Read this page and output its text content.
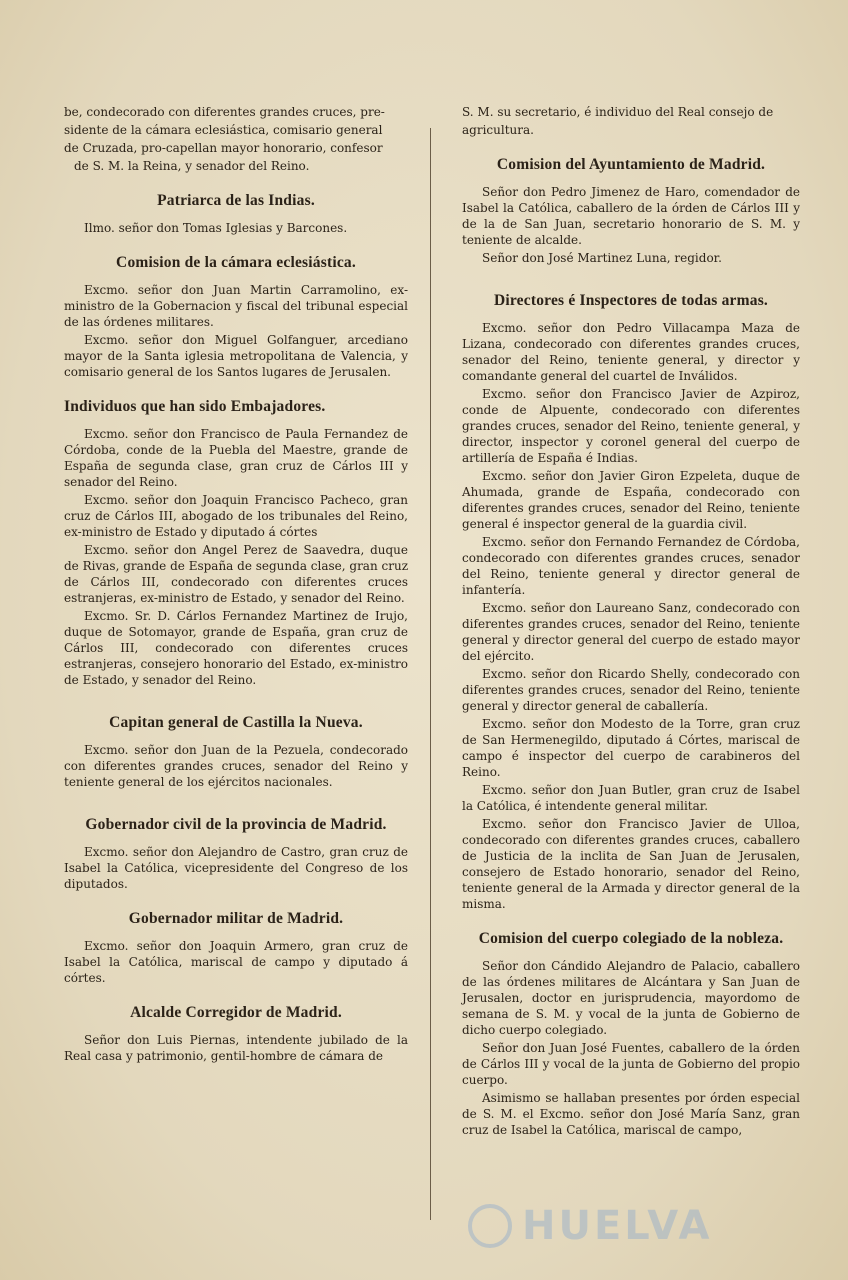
be, condecorado con diferentes grandes cruces, pre-

sidente de la cámara eclesiástica, comisario general

de Cruzada, pro-capellan mayor honorario, confesor

de S. M. la Reina, y senador del Reino.

Patriarca de las Indias.

Ilmo. señor don Tomas Iglesias y Barcones.

Comision de la cámara eclesiástica.

Excmo. señor don Juan Martin Carramolino, ex-ministro de la Gobernacion y fiscal del tribunal especial de las órdenes militares.

Excmo. señor don Miguel Golfanguer, arcediano mayor de la Santa iglesia metropolitana de Valencia, y comisario general de los Santos lugares de Jerusalen.

Individuos que han sido Embajadores.

Excmo. señor don Francisco de Paula Fernandez de Córdoba, conde de la Puebla del Maestre, grande de España de segunda clase, gran cruz de Cárlos III y senador del Reino.

Excmo. señor don Joaquin Francisco Pacheco, gran cruz de Cárlos III, abogado de los tribunales del Reino, ex-ministro de Estado y diputado á córtes

Excmo. señor don Angel Perez de Saavedra, duque de Rivas, grande de España de segunda clase, gran cruz de Cárlos III, condecorado con diferentes cruces estranjeras, ex-ministro de Estado, y senador del Reino.

Excmo. Sr. D. Cárlos Fernandez Martinez de Irujo, duque de Sotomayor, grande de España, gran cruz de Cárlos III, condecorado con diferentes cruces estranjeras, consejero honorario del Estado, ex-ministro de Estado, y senador del Reino.

Capitan general de Castilla la Nueva.

Excmo. señor don Juan de la Pezuela, condecorado con diferentes grandes cruces, senador del Reino y teniente general de los ejércitos nacionales.

Gobernador civil de la provincia de Madrid.

Excmo. señor don Alejandro de Castro, gran cruz de Isabel la Católica, vicepresidente del Congreso de los diputados.

Gobernador militar de Madrid.

Excmo. señor don Joaquin Armero, gran cruz de Isabel la Católica, mariscal de campo y diputado á córtes.

Alcalde Corregidor de Madrid.

Señor don Luis Piernas, intendente jubilado de la Real casa y patrimonio, gentil-hombre de cámara de

S. M. su secretario, é individuo del Real consejo de

agricultura.

Comision del Ayuntamiento de Madrid.

Señor don Pedro Jimenez de Haro, comendador de Isabel la Católica, caballero de la órden de Cárlos III y de la de San Juan, secretario honorario de S. M. y teniente de alcalde.

Señor don José Martinez Luna, regidor.

Directores é Inspectores de todas armas.

Excmo. señor don Pedro Villacampa Maza de Lizana, condecorado con diferentes grandes cruces, senador del Reino, teniente general, y director y comandante general del cuartel de Inválidos.

Excmo. señor don Francisco Javier de Azpiroz, conde de Alpuente, condecorado con diferentes grandes cruces, senador del Reino, teniente general, y director, inspector y coronel general del cuerpo de artillería de España é Indias.

Excmo. señor don Javier Giron Ezpeleta, duque de Ahumada, grande de España, condecorado con diferentes grandes cruces, senador del Reino, teniente general é inspector general de la guardia civil.

Excmo. señor don Fernando Fernandez de Córdoba, condecorado con diferentes grandes cruces, senador del Reino, teniente general y director general de infantería.

Excmo. señor don Laureano Sanz, condecorado con diferentes grandes cruces, senador del Reino, teniente general y director general del cuerpo de estado mayor del ejército.

Excmo. señor don Ricardo Shelly, condecorado con diferentes grandes cruces, senador del Reino, teniente general y director general de caballería.

Excmo. señor don Modesto de la Torre, gran cruz de San Hermenegildo, diputado á Córtes, mariscal de campo é inspector del cuerpo de carabineros del Reino.

Excmo. señor don Juan Butler, gran cruz de Isabel la Católica, é intendente general militar.

Excmo. señor don Francisco Javier de Ulloa, condecorado con diferentes grandes cruces, caballero de Justicia de la inclita de San Juan de Jerusalen, consejero de Estado honorario, senador del Reino, teniente general de la Armada y director general de la misma.

Comision del cuerpo colegiado de la nobleza.

Señor don Cándido Alejandro de Palacio, caballero de las órdenes militares de Alcántara y San Juan de Jerusalen, doctor en jurisprudencia, mayordomo de semana de S. M. y vocal de la junta de Gobierno de dicho cuerpo colegiado.

Señor don Juan José Fuentes, caballero de la órden de Cárlos III y vocal de la junta de Gobierno del propio cuerpo.

Asimismo se hallaban presentes por órden especial de S. M. el Excmo. señor don José María Sanz, gran cruz de Isabel la Católica, mariscal de campo,

HUELVA
